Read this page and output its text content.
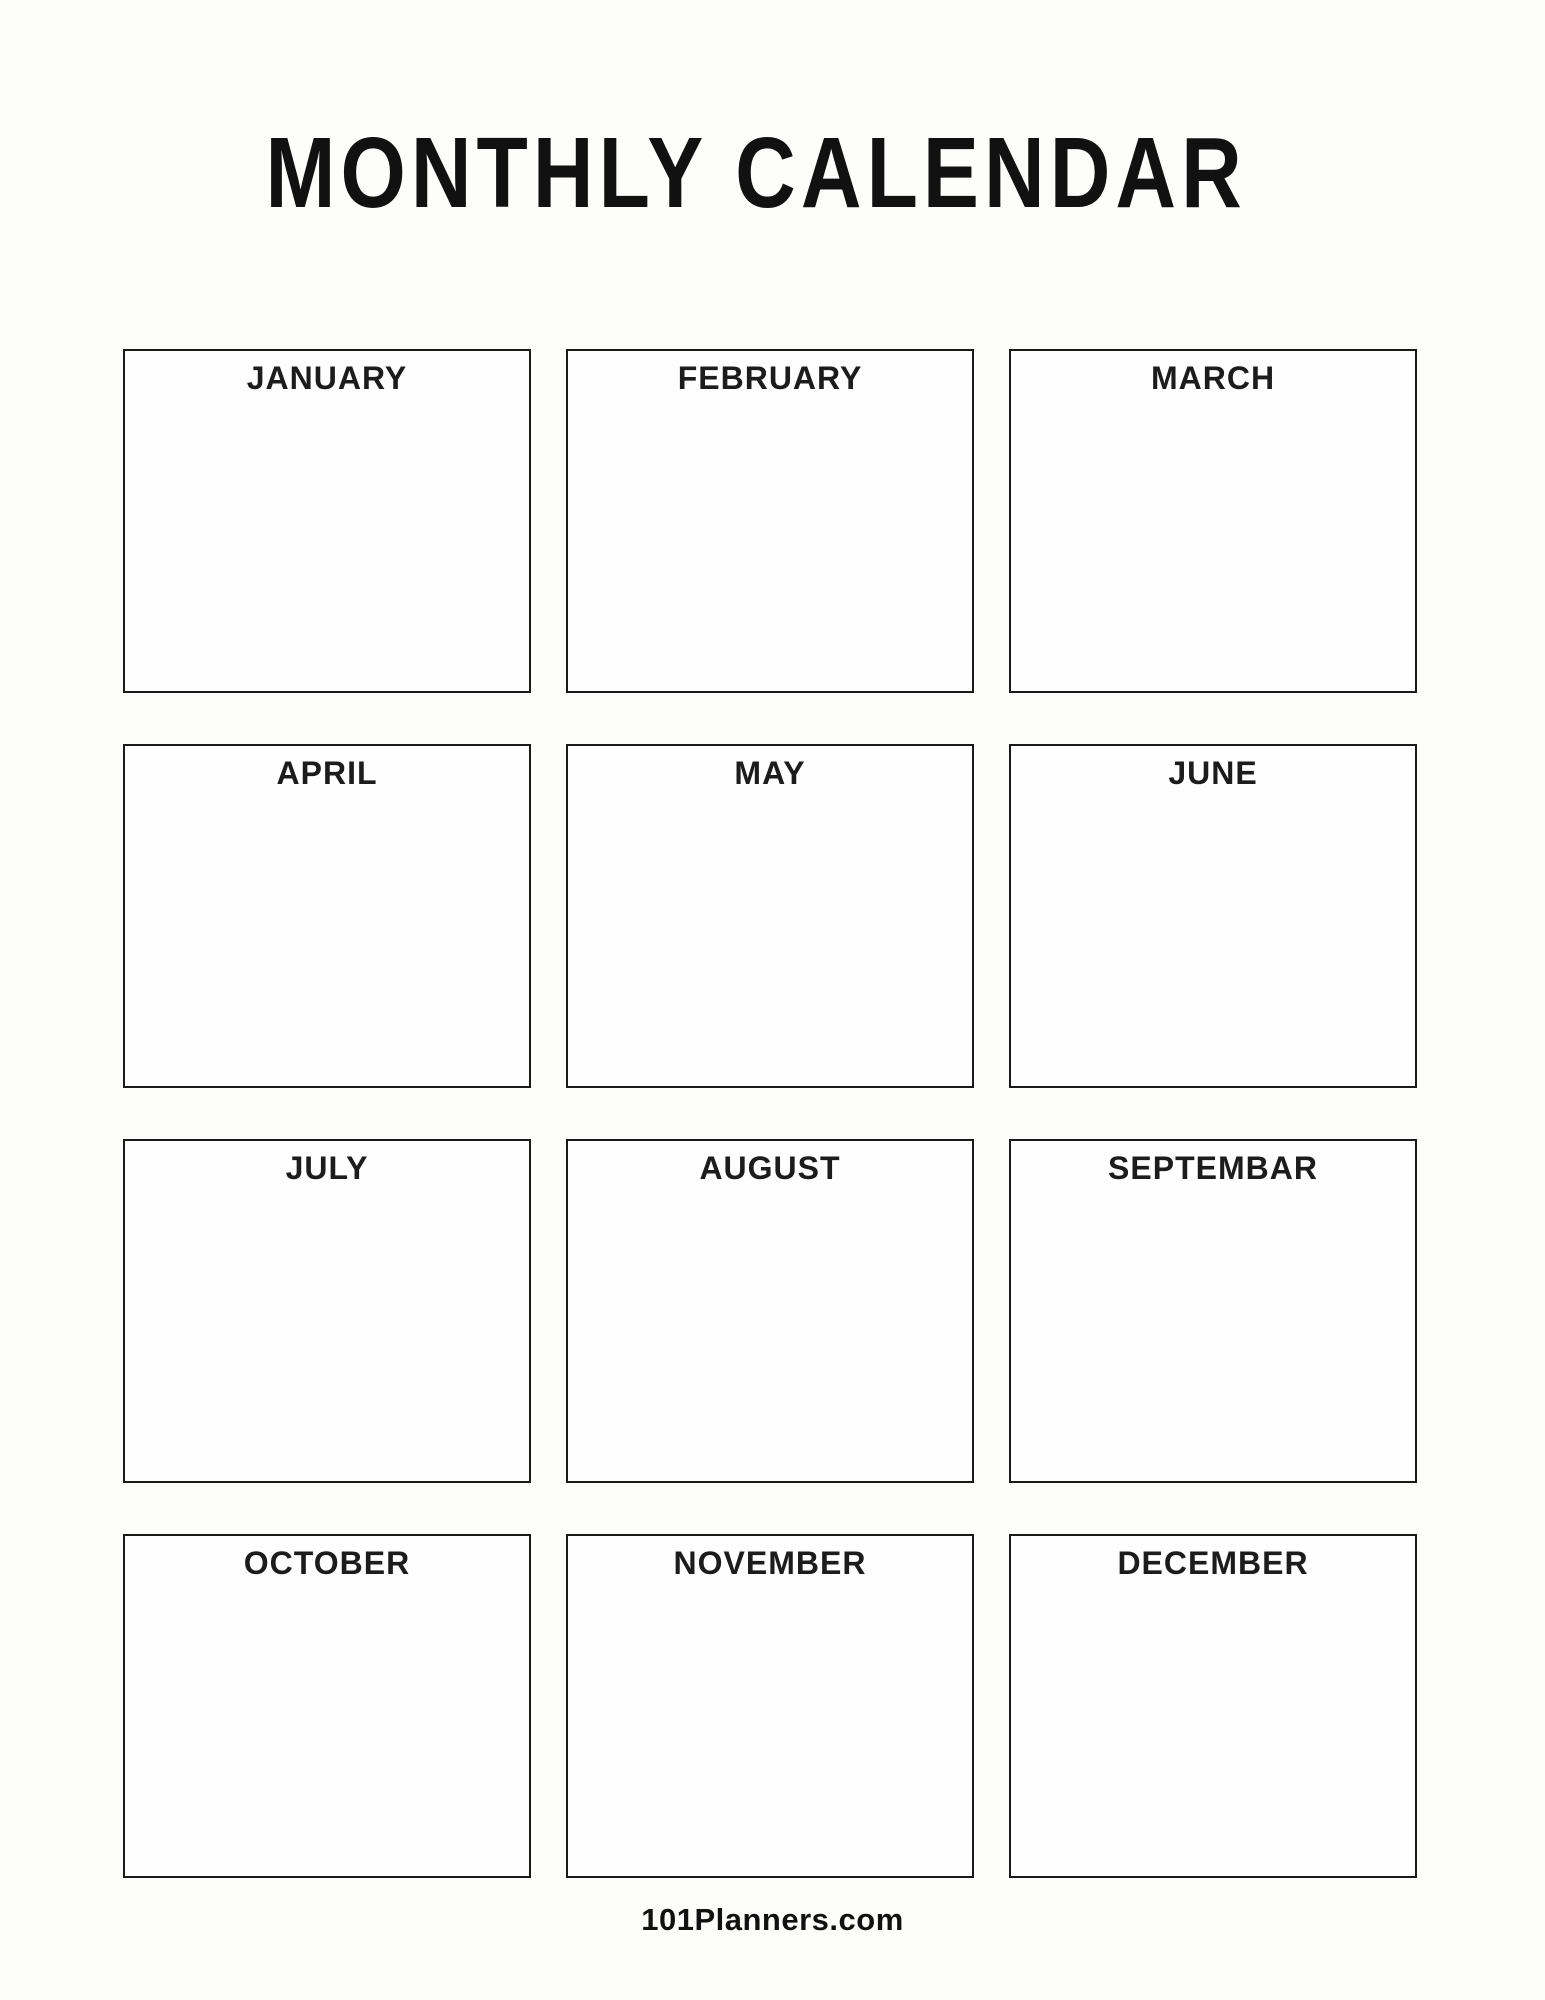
MONTHLY CALENDAR
JANUARY	FEBRUARY	MARCH
APRIL	MAY	JUNE
JULY	AUGUST	SEPTEMBAR
OCTOBER	NOVEMBER	DECEMBER
101Planners.com
